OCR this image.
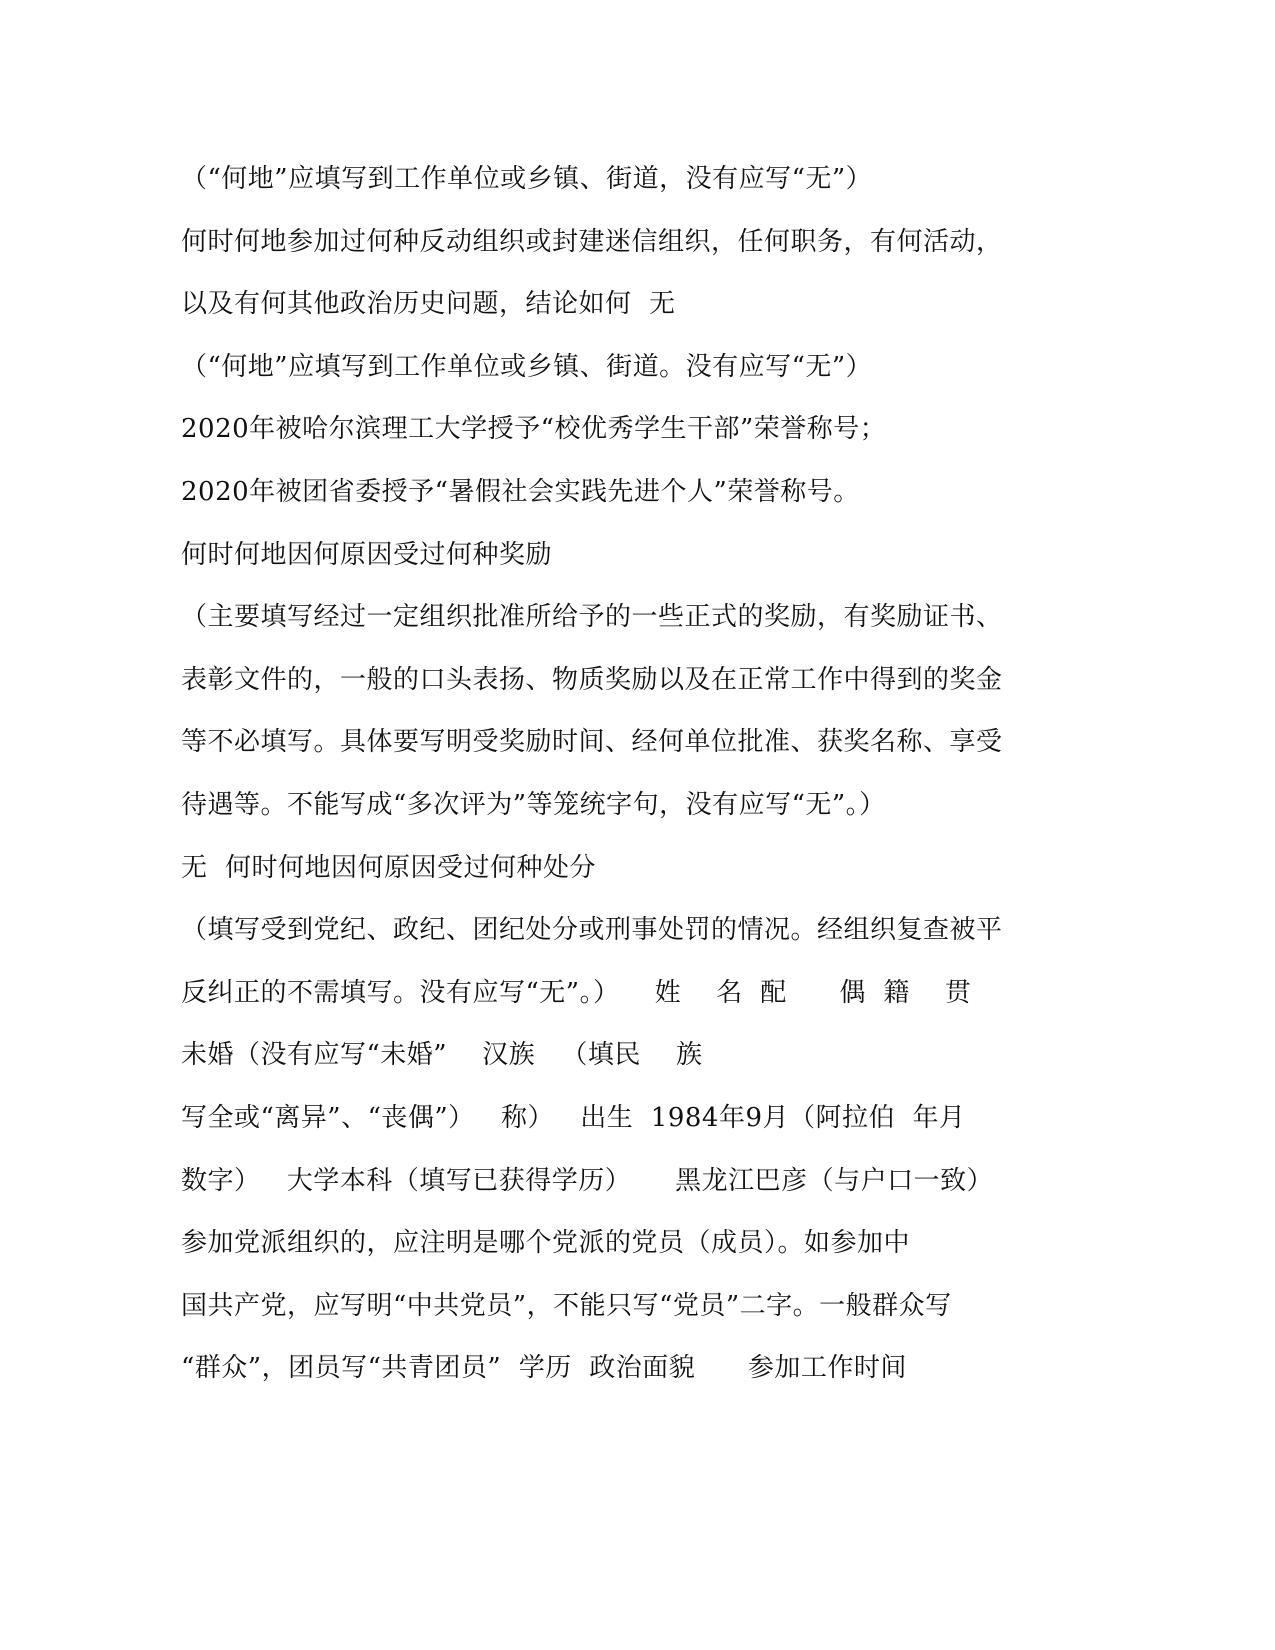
（“何地”应填写到工作单位或乡镇、街道，没有应写“无”）
何时何地参加过何种反动组织或封建迷信组织，任何职务，有何活动，
以及有何其他政治历史问题，结论如何  无
（“何地”应填写到工作单位或乡镇、街道。没有应写“无”）
2020年被哈尔滨理工大学授予“校优秀学生干部”荣誉称号；
2020年被团省委授予“暑假社会实践先进个人”荣誉称号。
何时何地因何原因受过何种奖励
（主要填写经过一定组织批准所给予的一些正式的奖励，有奖励证书、
表彰文件的，一般的口头表扬、物质奖励以及在正常工作中得到的奖金
等不必填写。具体要写明受奖励时间、经何单位批准、获奖名称、享受
待遇等。不能写成“多次评为”等笼统字句，没有应写“无”。）
无  何时何地因何原因受过何种处分
（填写受到党纪、政纪、团纪处分或刑事处罚的情况。经组织复查被平
反纠正的不需填写。没有应写“无”。）    姓    名  配      偶  籍    贯
未婚（没有应写“未婚”    汉族   （填民    族
写全或“离异”、“丧偶”）   称）   出生  1984年9月（阿拉伯  年月
数字）   大学本科（填写已获得学历）     黑龙江巴彦（与户口一致）
参加党派组织的，应注明是哪个党派的党员（成员）。如参加中
国共产党，应写明“中共党员”，不能只写“党员”二字。一般群众写
“群众”，团员写“共青团员”  学历  政治面貌      参加工作时间
